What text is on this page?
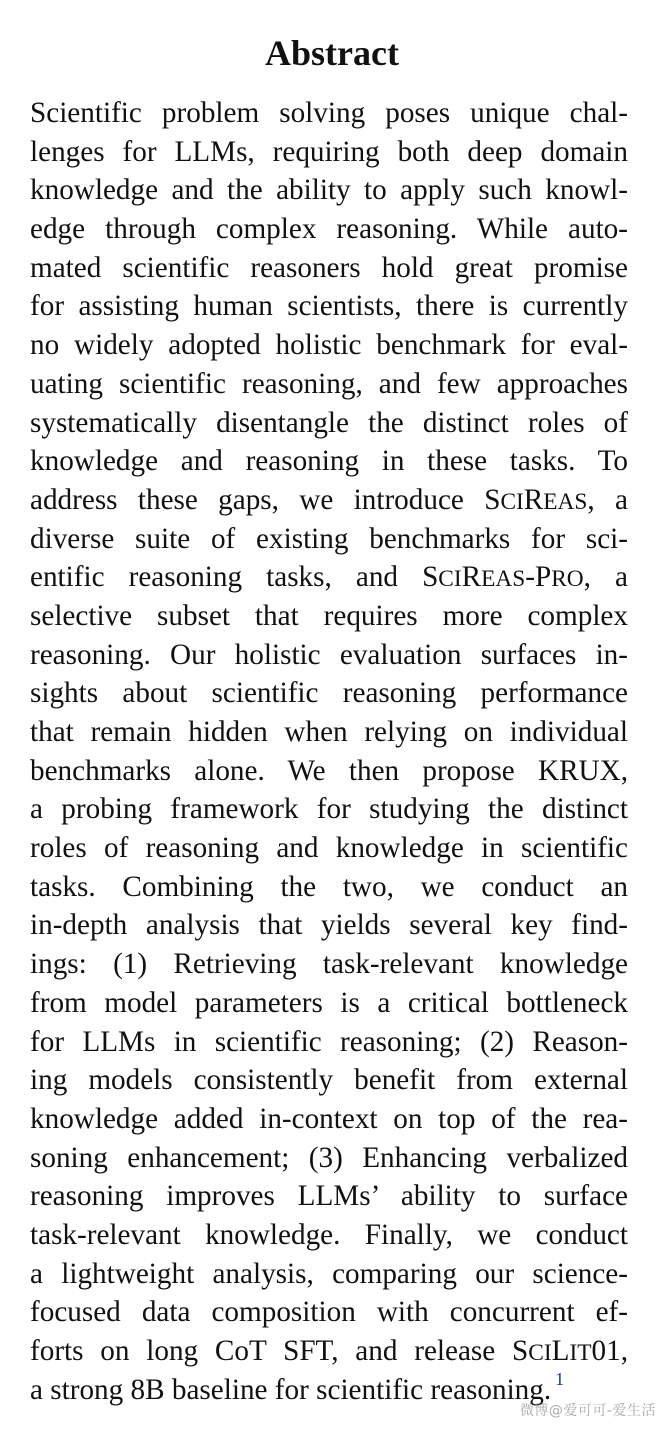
Abstract
Scientific problem solving poses unique chal-
lenges for LLMs, requiring both deep domain
knowledge and the ability to apply such knowl-
edge through complex reasoning. While auto-
mated scientific reasoners hold great promise
for assisting human scientists, there is currently
no widely adopted holistic benchmark for eval-
uating scientific reasoning, and few approaches
systematically disentangle the distinct roles of
knowledge and reasoning in these tasks. To
address these gaps, we introduce SCIREAS, a
diverse suite of existing benchmarks for sci-
entific reasoning tasks, and SCIREAS-PRO, a
selective subset that requires more complex
reasoning. Our holistic evaluation surfaces in-
sights about scientific reasoning performance
that remain hidden when relying on individual
benchmarks alone. We then propose KRUX,
a probing framework for studying the distinct
roles of reasoning and knowledge in scientific
tasks. Combining the two, we conduct an
in-depth analysis that yields several key find-
ings: (1) Retrieving task-relevant knowledge
from model parameters is a critical bottleneck
for LLMs in scientific reasoning; (2) Reason-
ing models consistently benefit from external
knowledge added in-context on top of the rea-
soning enhancement; (3) Enhancing verbalized
reasoning improves LLMs’ ability to surface
task-relevant knowledge. Finally, we conduct
a lightweight analysis, comparing our science-
focused data composition with concurrent ef-
forts on long CoT SFT, and release SCILIT01,
a strong 8B baseline for scientific reasoning. $^1$
微博@爱可可-爱生活
